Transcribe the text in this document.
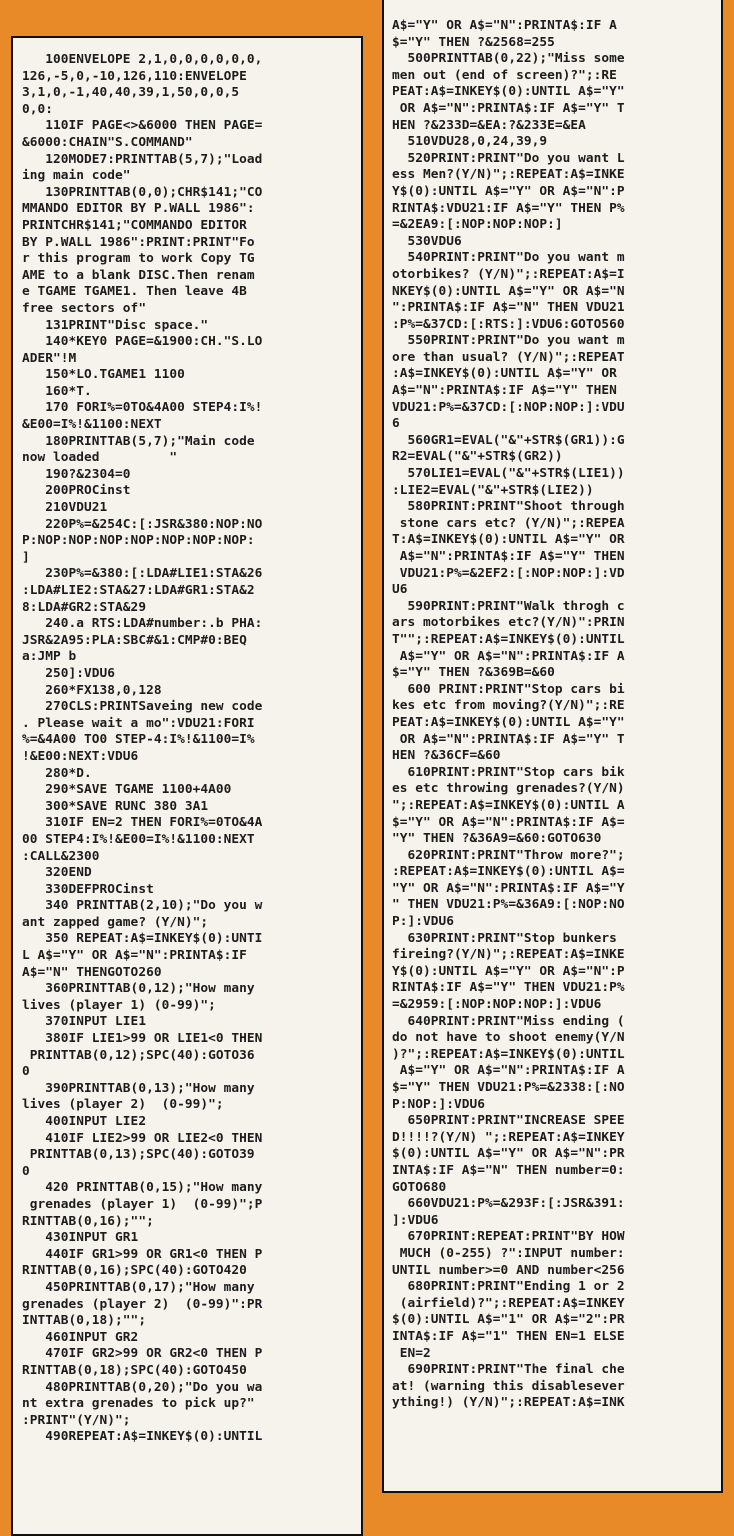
100ENVELOPE 2,1,0,0,0,0,0,0,
126,-5,0,-10,126,110:ENVELOPE
3,1,0,-1,40,40,39,1,50,0,0,5
0,0:
110IF PAGE<>&6000 THEN PAGE=
&6000:CHAIN"S.COMMAND"
120MODE7:PRINTTAB(5,7);"Load
ing main code"
130PRINTTAB(0,0);CHR$141;"CO
MMANDO EDITOR BY P.WALL 1986":
PRINTCHR$141;"COMMANDO EDITOR
BY P.WALL 1986":PRINT:PRINT"Fo
r this program to work Copy TG
AME to a blank DISC.Then renam
e TGAME TGAME1. Then leave 4B
free sectors of"
131PRINT"Disc space."
140*KEY0 PAGE=&1900:CH."S.LO
ADER"!M
150*LO.TGAME1 1100
160*T.
170 FORI%=0TO&4A00 STEP4:I%!
&E00=I%!&1100:NEXT
180PRINTTAB(5,7);"Main code
now loaded         "
190?&2304=0
200PROCinst
210VDU21
220P%=&254C:[:JSR&380:NOP:NO
P:NOP:NOP:NOP:NOP:NOP:NOP:NOP:
]
230P%=&380:[:LDA#LIE1:STA&26
:LDA#LIE2:STA&27:LDA#GR1:STA&2
8:LDA#GR2:STA&29
240.a RTS:LDA#number:.b PHA:
JSR&2A95:PLA:SBC#&1:CMP#0:BEQ
a:JMP b
250]:VDU6
260*FX138,0,128
270CLS:PRINTSaveing new code
. Please wait a mo":VDU21:FORI
%=&4A00 TO0 STEP-4:I%!&1100=I%
!&E00:NEXT:VDU6
280*D.
290*SAVE TGAME 1100+4A00
300*SAVE RUNC 380 3A1
310IF EN=2 THEN FORI%=0TO&4A
00 STEP4:I%!&E00=I%!&1100:NEXT
:CALL&2300
320END
330DEFPROCinst
340 PRINTTAB(2,10);"Do you w
ant zapped game? (Y/N)";
350 REPEAT:A$=INKEY$(0):UNTI
L A$="Y" OR A$="N":PRINTA$:IF
A$="N" THENGOTO260
360PRINTTAB(0,12);"How many
lives (player 1) (0-99)";
370INPUT LIE1
380IF LIE1>99 OR LIE1<0 THEN
PRINTTAB(0,12);SPC(40):GOTO36
0
390PRINTTAB(0,13);"How many
lives (player 2)  (0-99)";
400INPUT LIE2
410IF LIE2>99 OR LIE2<0 THEN
PRINTTAB(0,13);SPC(40):GOTO39
0
420 PRINTTAB(0,15);"How many
grenades (player 1)  (0-99)";P
RINTTAB(0,16);"";
430INPUT GR1
440IF GR1>99 OR GR1<0 THEN P
RINTTAB(0,16);SPC(40):GOTO420
450PRINTTAB(0,17);"How many
grenades (player 2)  (0-99)":PR
INTTAB(0,18);"";
460INPUT GR2
470IF GR2>99 OR GR2<0 THEN P
RINTTAB(0,18);SPC(40):GOTO450
480PRINTTAB(0,20);"Do you wa
nt extra grenades to pick up?"
:PRINT"(Y/N)";
490REPEAT:A$=INKEY$(0):UNTIL
A$="Y" OR A$="N":PRINTA$:IF A
$="Y" THEN ?&2568=255
500PRINTTAB(0,22);"Miss some
men out (end of screen)?";:RE
PEAT:A$=INKEY$(0):UNTIL A$="Y"
OR A$="N":PRINTA$:IF A$="Y" T
HEN ?&233D=&EA:?&233E=&EA
510VDU28,0,24,39,9
520PRINT:PRINT"Do you want L
ess Men?(Y/N)";:REPEAT:A$=INKE
Y$(0):UNTIL A$="Y" OR A$="N":P
RINTA$:VDU21:IF A$="Y" THEN P%
=&2EA9:[:NOP:NOP:NOP:]
530VDU6
540PRINT:PRINT"Do you want m
otorbikes? (Y/N)";:REPEAT:A$=I
NKEY$(0):UNTIL A$="Y" OR A$="N
":PRINTA$:IF A$="N" THEN VDU21
:P%=&37CD:[:RTS:]:VDU6:GOTO560
550PRINT:PRINT"Do you want m
ore than usual? (Y/N)";:REPEAT
:A$=INKEY$(0):UNTIL A$="Y" OR
A$="N":PRINTA$:IF A$="Y" THEN
VDU21:P%=&37CD:[:NOP:NOP:]:VDU
6
560GR1=EVAL("&"+STR$(GR1)):G
R2=EVAL("&"+STR$(GR2))
570LIE1=EVAL("&"+STR$(LIE1))
:LIE2=EVAL("&"+STR$(LIE2))
580PRINT:PRINT"Shoot through
stone cars etc? (Y/N)";:REPEA
T:A$=INKEY$(0):UNTIL A$="Y" OR
A$="N":PRINTA$:IF A$="Y" THEN
VDU21:P%=&2EF2:[:NOP:NOP:]:VD
U6
590PRINT:PRINT"Walk throgh c
ars motorbikes etc?(Y/N)":PRIN
T"";:REPEAT:A$=INKEY$(0):UNTIL
A$="Y" OR A$="N":PRINTA$:IF A
$="Y" THEN ?&369B=&60
600 PRINT:PRINT"Stop cars bi
kes etc from moving?(Y/N)";:RE
PEAT:A$=INKEY$(0):UNTIL A$="Y"
OR A$="N":PRINTA$:IF A$="Y" T
HEN ?&36CF=&60
610PRINT:PRINT"Stop cars bik
es etc throwing grenades?(Y/N)
";:REPEAT:A$=INKEY$(0):UNTIL A
$="Y" OR A$="N":PRINTA$:IF A$=
"Y" THEN ?&36A9=&60:GOTO630
620PRINT:PRINT"Throw more?";
:REPEAT:A$=INKEY$(0):UNTIL A$=
"Y" OR A$="N":PRINTA$:IF A$="Y
" THEN VDU21:P%=&36A9:[:NOP:NO
P:]:VDU6
630PRINT:PRINT"Stop bunkers
fireing?(Y/N)";:REPEAT:A$=INKE
Y$(0):UNTIL A$="Y" OR A$="N":P
RINTA$:IF A$="Y" THEN VDU21:P%
=&2959:[:NOP:NOP:NOP:]:VDU6
640PRINT:PRINT"Miss ending (
do not have to shoot enemy(Y/N
)?";:REPEAT:A$=INKEY$(0):UNTIL
A$="Y" OR A$="N":PRINTA$:IF A
$="Y" THEN VDU21:P%=&2338:[:NO
P:NOP:]:VDU6
650PRINT:PRINT"INCREASE SPEE
D!!!!?(Y/N) ";:REPEAT:A$=INKEY
$(0):UNTIL A$="Y" OR A$="N":PR
INTA$:IF A$="N" THEN number=0:
GOTO680
660VDU21:P%=&293F:[:JSR&391:
]:VDU6
670PRINT:REPEAT:PRINT"BY HOW
MUCH (0-255) ?":INPUT number:
UNTIL number>=0 AND number<256
680PRINT:PRINT"Ending 1 or 2
(airfield)?";:REPEAT:A$=INKEY
$(0):UNTIL A$="1" OR A$="2":PR
INTA$:IF A$="1" THEN EN=1 ELSE
EN=2
690PRINT:PRINT"The final che
at! (warning this disablesever
ything!) (Y/N)";:REPEAT:A$=INK
